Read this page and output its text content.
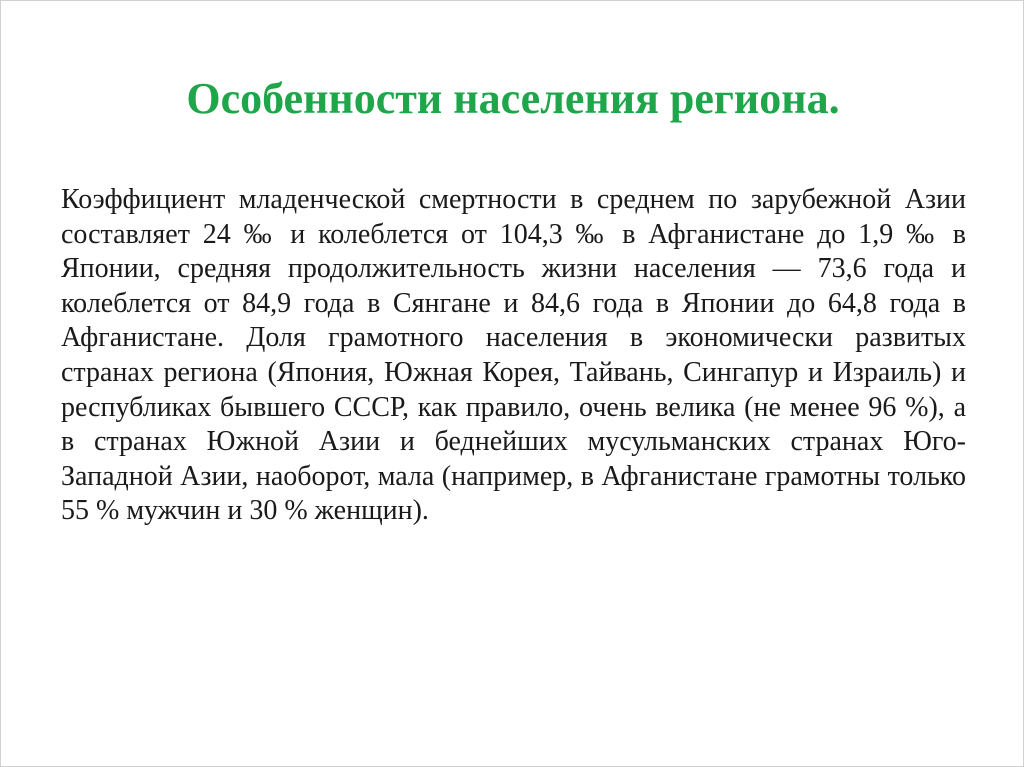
Особенности населения региона.

Коэффициент младенческой смертности в среднем по зарубежной Азии составляет 24 ‰ и колеблется от 104,3 ‰ в Афганистане до 1,9 ‰ в Японии, средняя продолжительность жизни населения — 73,6 года и колеблется от 84,9 года в Сянгане и 84,6 года в Японии до 64,8 года в Афганистане. Доля грамотного населения в экономически развитых странах региона (Япония, Южная Корея, Тайвань, Сингапур и Израиль) и республиках бывшего СССР, как правило, очень велика (не менее 96 %), а в странах Южной Азии и беднейших мусульманских странах Юго-Западной Азии, наоборот, мала (например, в Афганистане грамотны только 55 % мужчин и 30 % женщин).
